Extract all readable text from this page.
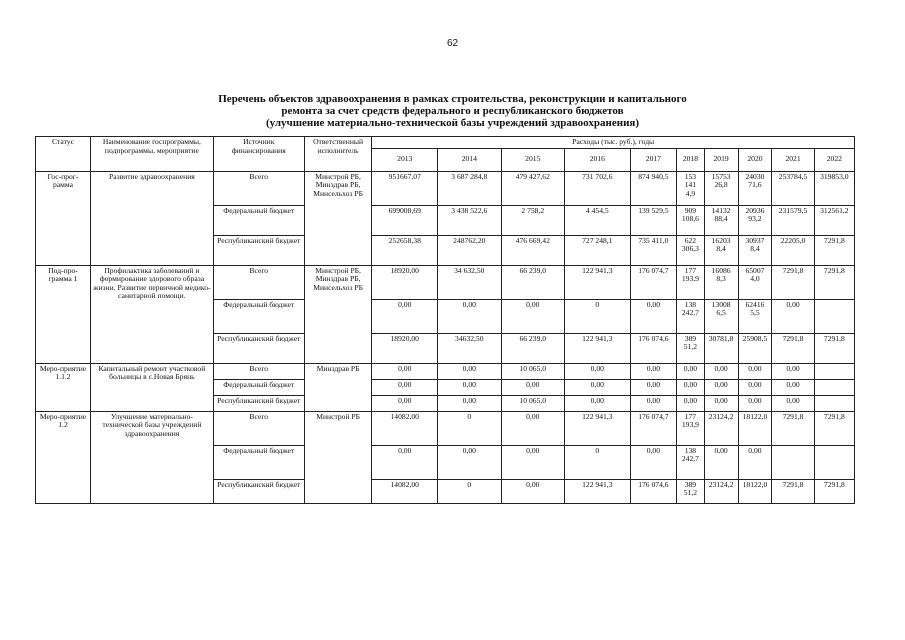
62
Перечень объектов здравоохранения в рамках строительства, реконструкции и капитального
ремонта за счет средств федерального и республиканского бюджетов
(улучшение материально-технической базы учреждений здравоохранения)
Статус	Наименование госпрограммы, подпрограммы, мероприятие	Источник финансирования	Ответственный исполнитель	Расходы (тыс. руб.), годы									
				2013	2014	2015	2016	2017	2018	2019	2020	2021	2022
Гос-прог-рамма	Развитие здравоохранения	Всего	Минстрой РБ, Минздрав РБ, Минсельхоз РБ	951667,07	3 687 284,8	479 427,62	731 702,6	874 940,5	153 141 4,9	15753 26,8	24030 71,6	253784,5	319853,0
		Федеральный бюджет		699008,69	3 438 522,6	2 758,2	4 454,5	139 529,5	909 108,6	14132 88,4	20936 93,2	231579,5	312561,2
		Республиканский бюджет		252658,38	248762,20	476 669,42	727 248,1	735 411,0	622 306,3	16203 8,4	30937 8,4	22205,0	7291,8
Под-про-грамма 1	Профилактика заболеваний и формирование здорового образа жизни. Развитие первичной медико-санитарной помощи.	Всего	Минстрой РБ, Минздрав РБ, Минсельхоз РБ	18920,00	34 632,50	66 239,0	122 941,3	176 074,7	177 193,9	16086 8,3	65007 4,0	7291,8	7291,8
		Федеральный бюджет		0,00	0,00	0,00	0	0,00	138 242,7	13008 6,5	62416 5,5	0,00	
		Республиканский бюджет		18920,00	34632,50	66 239,0	122 941,3	176 074,6	389 51,2	30781,8	25908,5	7291,8	7291,8
Меро-приятие 1.1.2	Капитальный ремонт участковой больницы в с.Новая Брянь	Всего	Минздрав РБ	0,00	0,00	10 065,0	0,00	0,00	0,00	0,00	0,00	0,00	
		Федеральный бюджет		0,00	0,00	0,00	0,00	0,00	0,00	0,00	0,00	0,00	
		Республиканский бюджет		0,00	0,00	10 065,0	0,00	0,00	0,00	0,00	0,00	0,00	
Меро-приятие 1.2	Улучшение материально-технической базы учреждений здравоохранения	Всего	Минстрой РБ	14082,00	0	0,00	122 941,3	176 074,7	177 193,9	23124,2	18122,0	7291,8	7291,8
		Федеральный бюджет		0,00	0,00	0,00	0	0,00	138 242,7	0,00	0,00		
		Республиканский бюджет		14082,00	0	0,00	122 941,3	176 074,6	389 51,2	23124,2	18122,0	7291,8	7291,8
